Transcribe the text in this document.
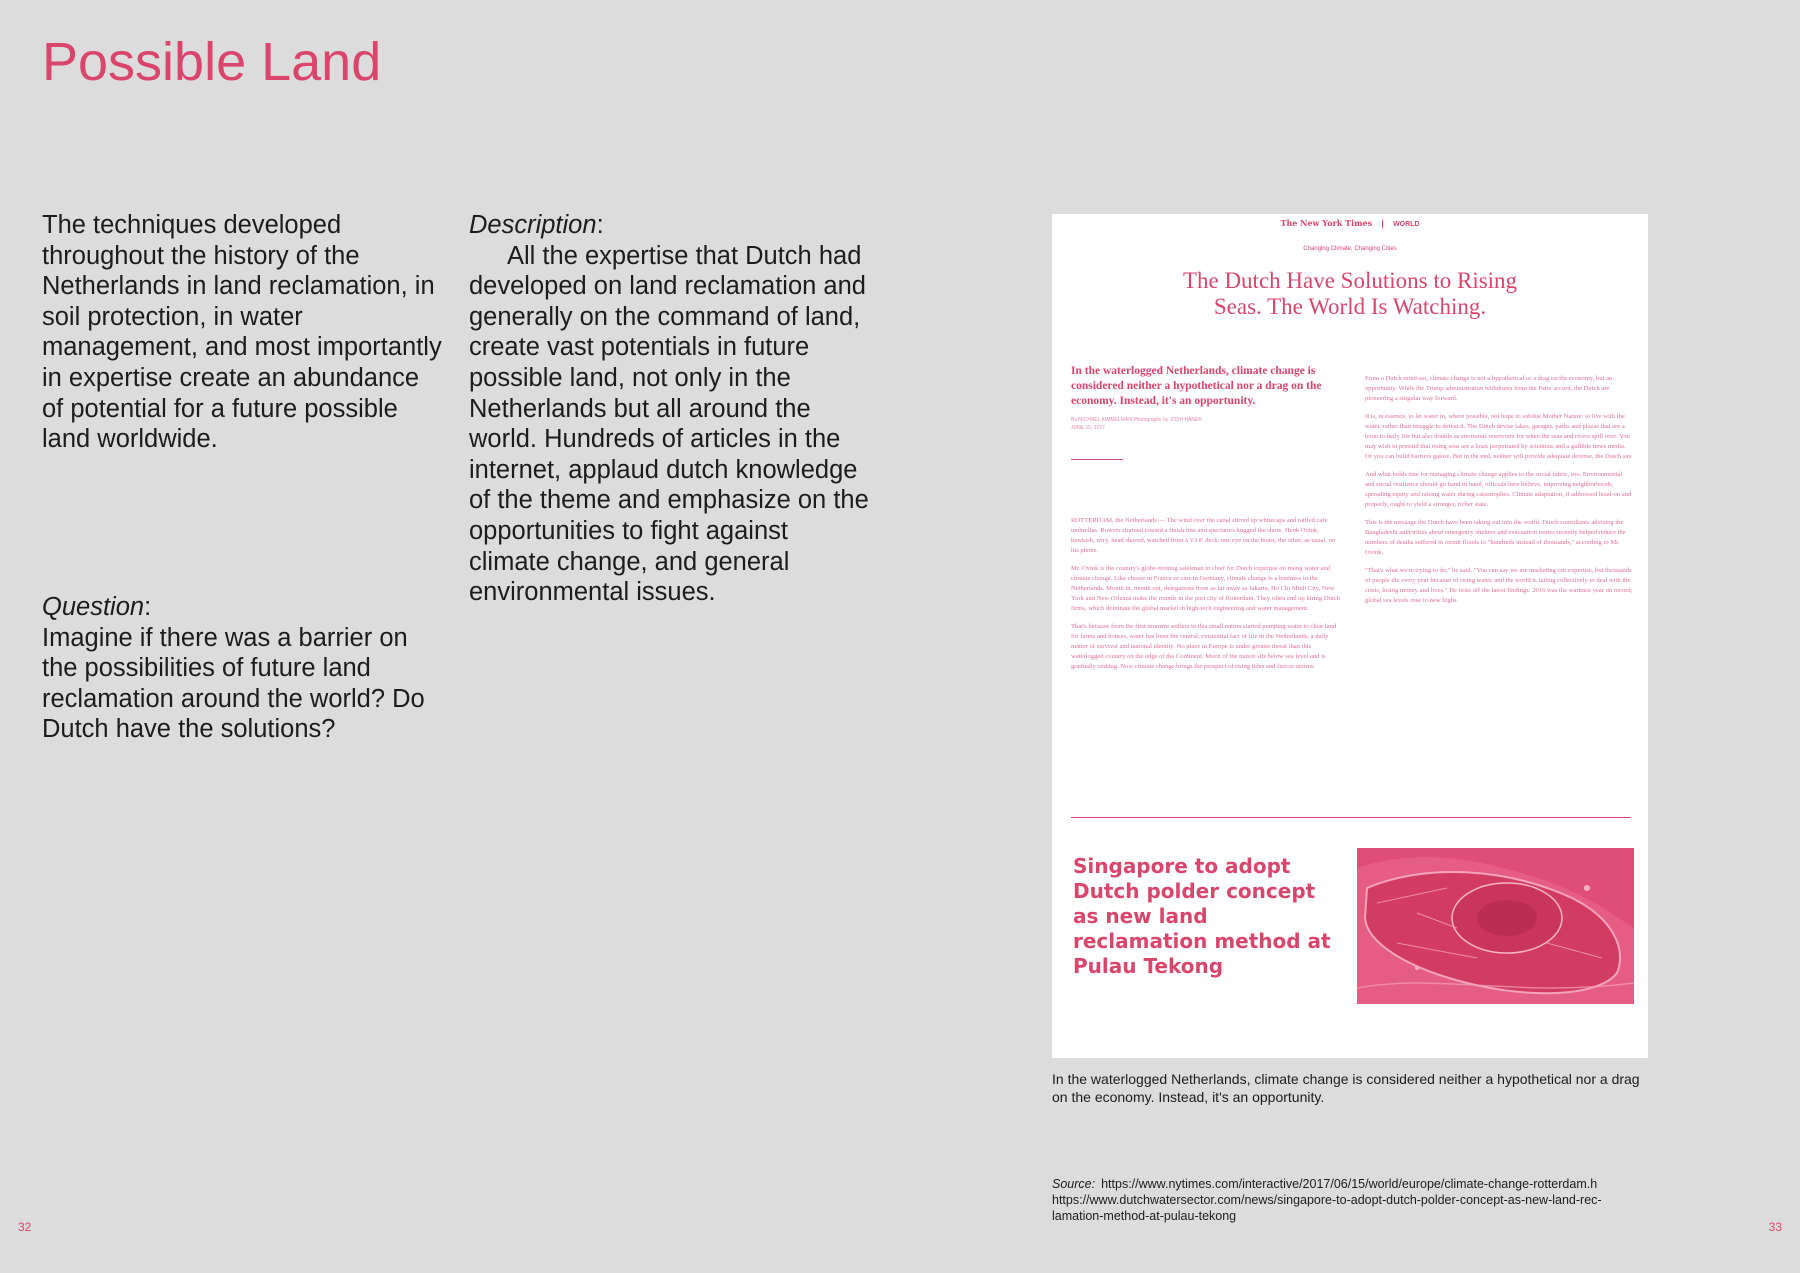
Possible Land

The techniques developed throughout the history of the Netherlands in land reclamation, in soil protection, in water management, and most importantly in expertise create an abundance of potential for a future possible land worldwide.

Question:

Imagine if there was a barrier on the possibilities of future land reclamation around the world? Do Dutch have the solutions?

Description:

All the expertise that Dutch had developed on land reclamation and generally on the command of land, create vast potentials in future possible land, not only in the Netherlands but all around the world. Hundreds of articles in the internet, applaud dutch knowledge of the theme and emphasize on the opportunities to fight against climate change, and general environmental issues.

The New York Times	WORLD
Changing Climate, Changing Cities
The Dutch Have Solutions to Rising Seas. The World Is Watching.
In the waterlogged Netherlands, climate change is considered neither a hypothetical nor a drag on the economy. Instead, it's an opportunity.
By MICHAEL KIMMELMAN Photographs by JOSH HANER
JUNE 15, 2017

ROTTERDAM, the Netherlands — The wind over the canal stirred up whitecaps and rattled cafe umbrellas. Rowers strained toward a finish line and spectators hugged the shore. Henk Ovink, hawkish, wiry, head shaved, watched from a V.I.P. deck, one eye on the boats, the other, as usual, on his phone.

Mr. Ovink is the country's globe-trotting salesman in chief for Dutch expertise on rising water and climate change. Like cheese in France or cars in Germany, climate change is a business in the Netherlands. Month in, month out, delegations from as far away as Jakarta, Ho Chi Minh City, New York and New Orleans make the rounds in the port city of Rotterdam. They often end up hiring Dutch firms, which dominate the global market in high-tech engineering and water management.

That's because from the first moment settlers in this small nation started pumping water to clear land for farms and houses, water has been the central, existential fact of life in the Netherlands, a daily matter of survival and national identity. No place in Europe is under greater threat than this waterlogged country on the edge of the Continent. Much of the nation sits below sea level and is gradually sinking. Now climate change brings the prospect of rising tides and fiercer storms.

From a Dutch mind-set, climate change is not a hypothetical or a drag on the economy, but an opportunity. While the Trump administration withdraws from the Paris accord, the Dutch are pioneering a singular way forward.

It is, in essence, to let water in, where possible, not hope to subdue Mother Nature: to live with the water, rather than struggle to defeat it. The Dutch devise lakes, garages, parks and plazas that are a boon to daily life but also double as enormous reservoirs for when the seas and rivers spill over. You may wish to pretend that rising seas are a hoax perpetrated by scientists and a gullible news media. Or you can build barriers galore. But in the end, neither will provide adequate defense, the Dutch say.

And what holds true for managing climate change applies to the social fabric, too. Environmental and social resilience should go hand in hand, officials here believe, improving neighborhoods, spreading equity and raising water during catastrophes. Climate adaptation, if addressed head-on and properly, ought to yield a stronger, richer state.

This is the message the Dutch have been taking out into the world. Dutch consultants advising the Bangladeshi authorities about emergency shelters and evacuation routes recently helped reduce the numbers of deaths suffered in recent floods to "hundreds instead of thousands," according to Mr. Ovink.

"That's what we're trying to do," he said. "You can say we are marketing our expertise, but thousands of people die every year because of rising water, and the world is failing collectively to deal with the crisis, losing money and lives." He ticks off the latest findings: 2016 was the warmest year on record; global sea levels rose to new highs.

Singapore to adopt Dutch polder concept as new land reclamation method at Pulau Tekong
In the waterlogged Netherlands, climate change is considered neither a hypothetical nor a drag on the economy. Instead, it's an opportunity.
Source: https://www.nytimes.com/interactive/2017/06/15/world/europe/climate-change-rotterdam.h
https://www.dutchwatersector.com/news/singapore-to-adopt-dutch-polder-concept-as-new-land-rec-lamation-method-at-pulau-tekong
32	33
